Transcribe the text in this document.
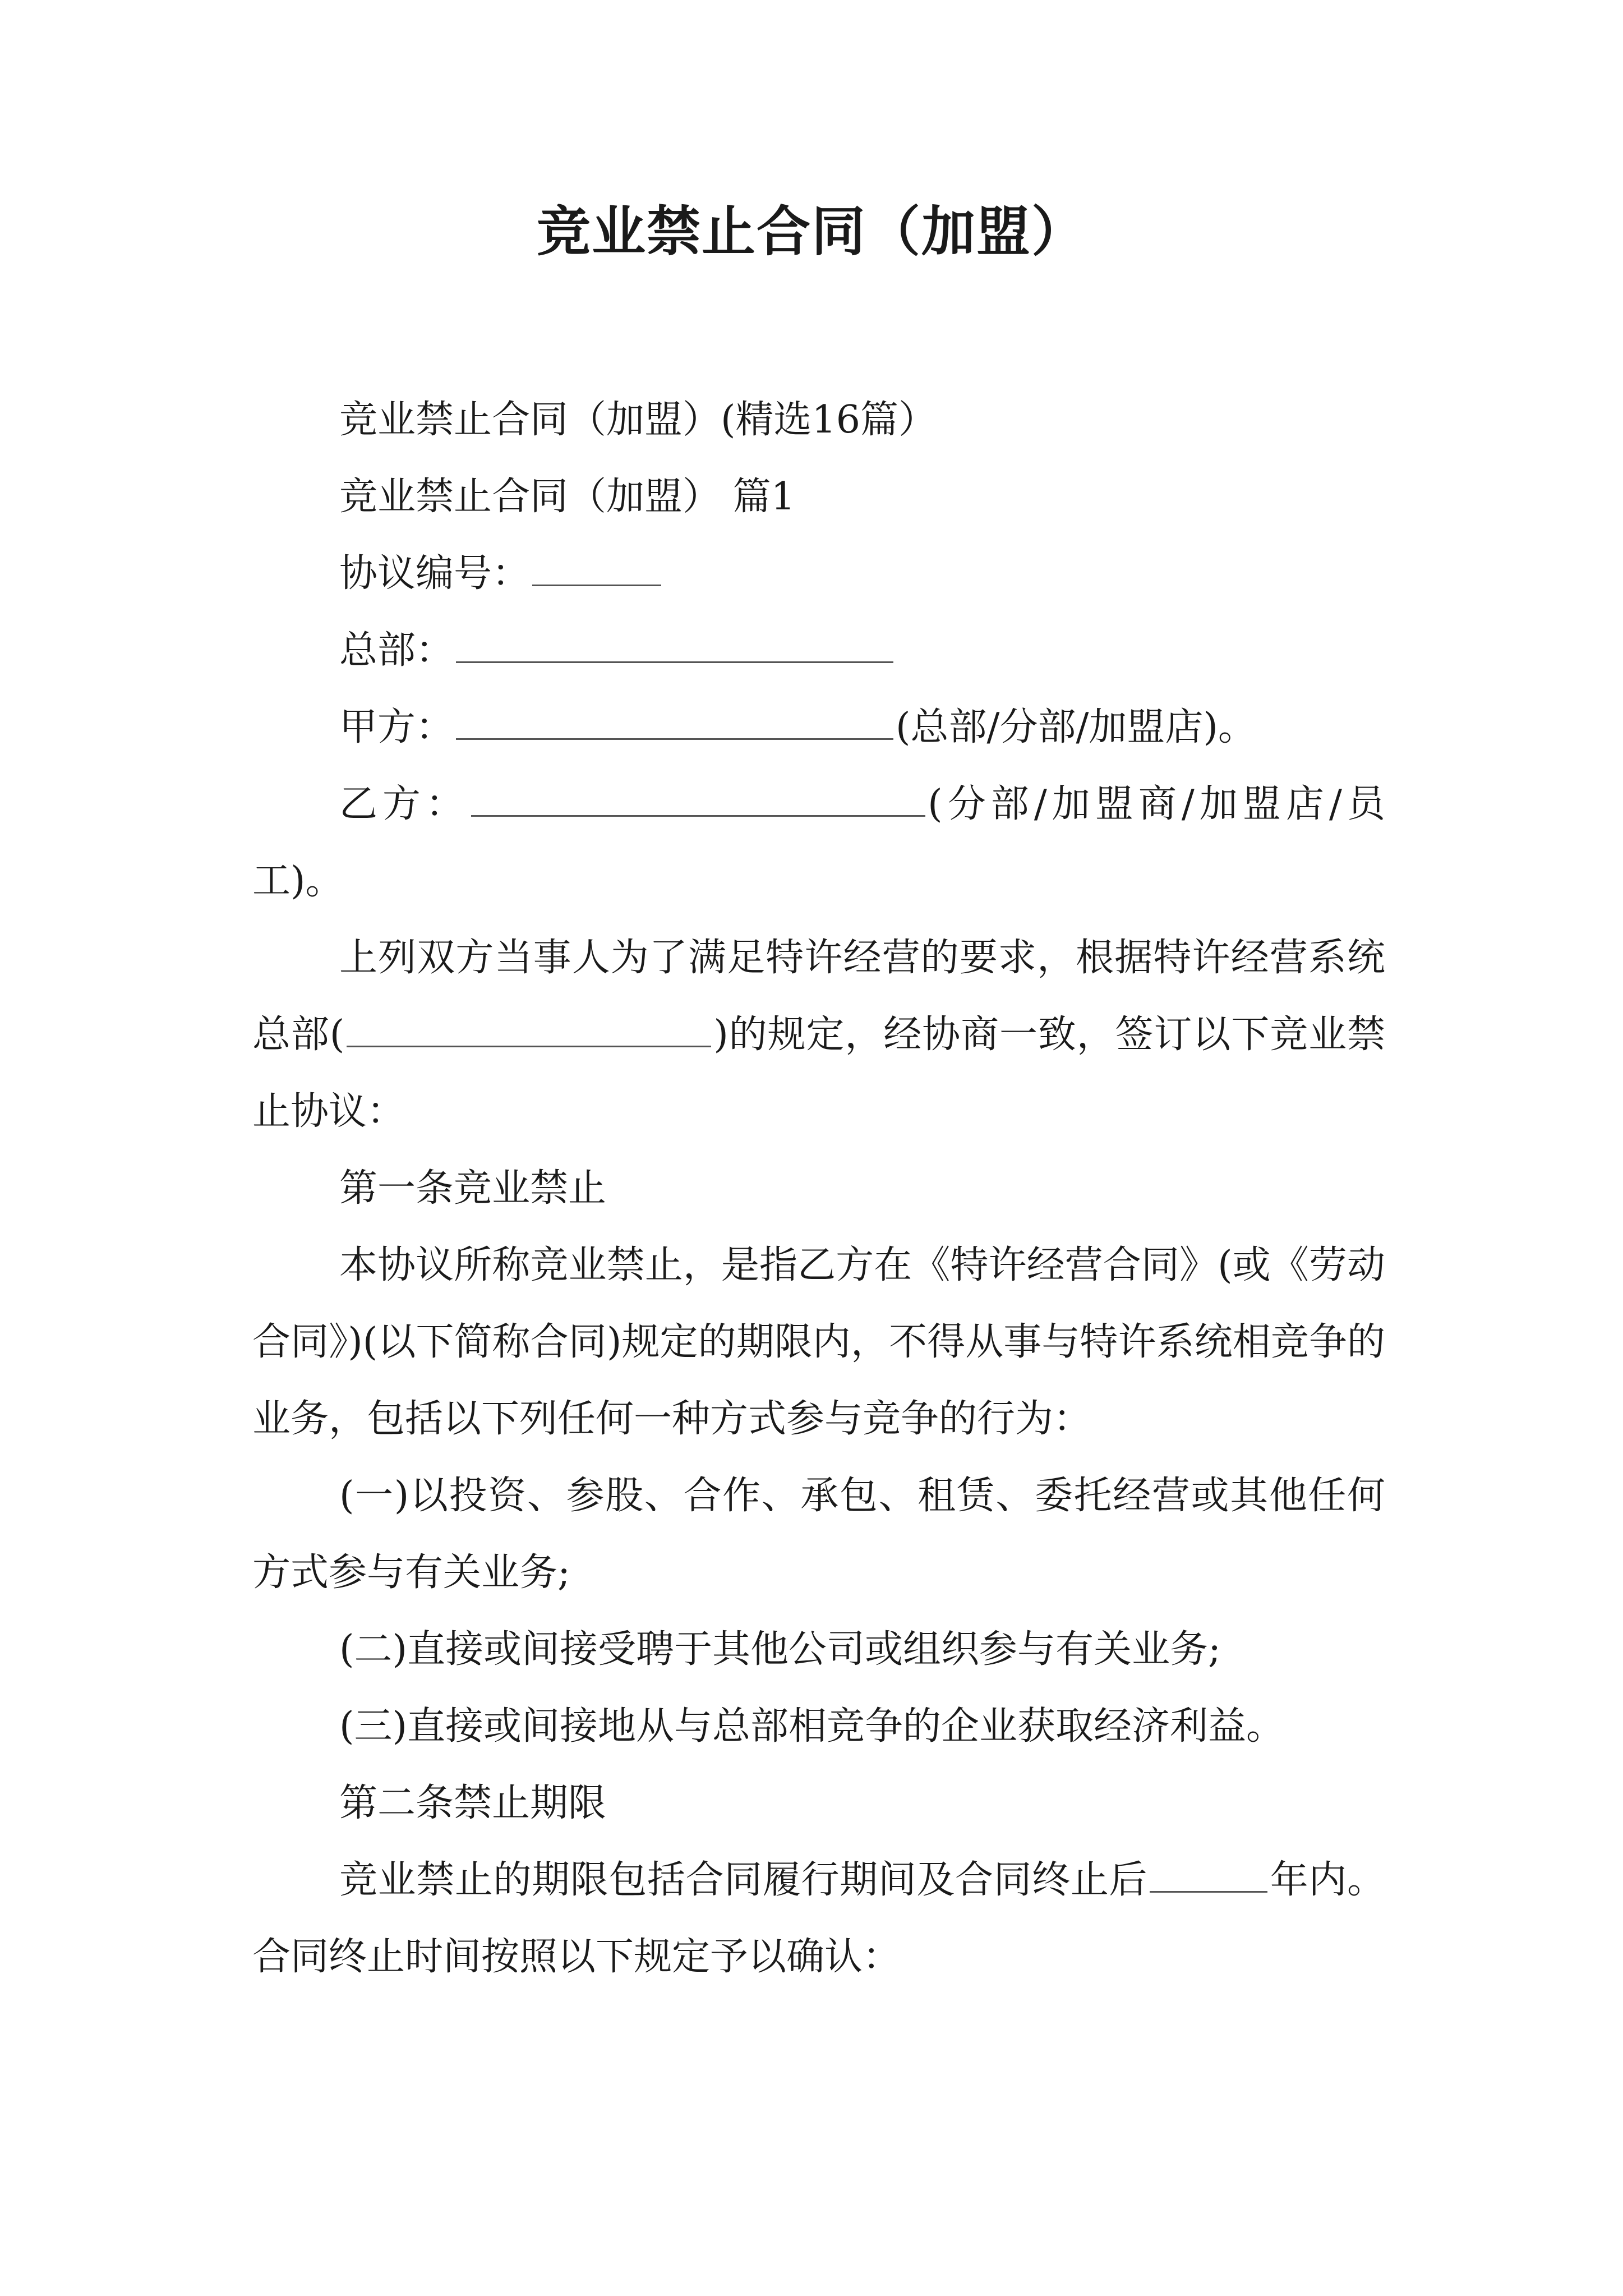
竞业禁止合同（加盟）

竞业禁止合同（加盟）(精选16篇）

竞业禁止合同（加盟） 篇1

协议编号：

总部：

甲方：	(总部/分部/加盟店)。

乙方：	(分部/加盟商/加盟店/员工)。

上列双方当事人为了满足特许经营的要求，根据特许经营系统总部(	)的规定，经协商一致，签订以下竞业禁止协议：

第一条竞业禁止

本协议所称竞业禁止，是指乙方在《特许经营合同》(或《劳动合同》)(以下简称合同)规定的期限内，不得从事与特许系统相竞争的业务，包括以下列任何一种方式参与竞争的行为：

(一)以投资、参股、合作、承包、租赁、委托经营或其他任何方式参与有关业务;

(二)直接或间接受聘于其他公司或组织参与有关业务;

(三)直接或间接地从与总部相竞争的企业获取经济利益。

第二条禁止期限

竞业禁止的期限包括合同履行期间及合同终止后	年内。合同终止时间按照以下规定予以确认：
